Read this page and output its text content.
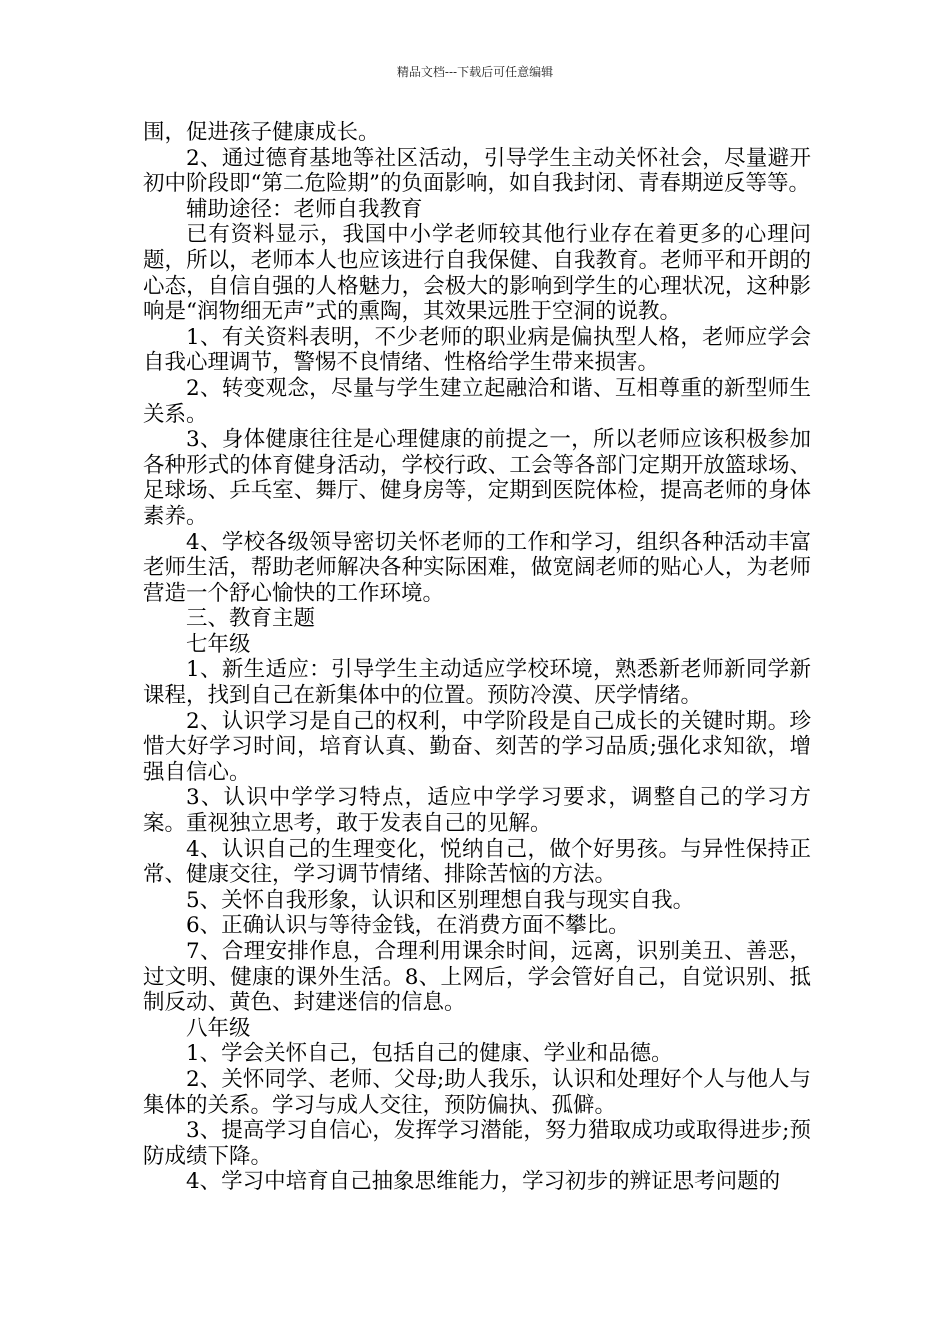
精品文档---下载后可任意编辑

围，促进孩子健康成长。

2、通过德育基地等社区活动，引导学生主动关怀社会，尽量避开初中阶段即“第二危险期”的负面影响，如自我封闭、青春期逆反等等。

辅助途径：老师自我教育

已有资料显示，我国中小学老师较其他行业存在着更多的心理问题，所以，老师本人也应该进行自我保健、自我教育。老师平和开朗的心态，自信自强的人格魅力，会极大的影响到学生的心理状况，这种影响是“润物细无声”式的熏陶，其效果远胜于空洞的说教。

1、有关资料表明，不少老师的职业病是偏执型人格，老师应学会自我心理调节，警惕不良情绪、性格给学生带来损害。

2、转变观念，尽量与学生建立起融洽和谐、互相尊重的新型师生关系。

3、身体健康往往是心理健康的前提之一，所以老师应该积极参加各种形式的体育健身活动，学校行政、工会等各部门定期开放篮球场、足球场、乒乓室、舞厅、健身房等，定期到医院体检，提高老师的身体素养。

4、学校各级领导密切关怀老师的工作和学习，组织各种活动丰富老师生活，帮助老师解决各种实际困难，做宽阔老师的贴心人，为老师营造一个舒心愉快的工作环境。

三、教育主题

七年级

1、新生适应：引导学生主动适应学校环境，熟悉新老师新同学新课程，找到自己在新集体中的位置。预防冷漠、厌学情绪。

2、认识学习是自己的权利，中学阶段是自己成长的关键时期。珍惜大好学习时间，培育认真、勤奋、刻苦的学习品质;强化求知欲，增强自信心。

3、认识中学学习特点，适应中学学习要求，调整自己的学习方案。重视独立思考，敢于发表自己的见解。

4、认识自己的生理变化，悦纳自己，做个好男孩。与异性保持正常、健康交往，学习调节情绪、排除苦恼的方法。

5、关怀自我形象，认识和区别理想自我与现实自我。

6、正确认识与等待金钱，在消费方面不攀比。

7、合理安排作息，合理利用课余时间，远离，识别美丑、善恶，过文明、健康的课外生活。8、上网后，学会管好自己，自觉识别、抵制反动、黄色、封建迷信的信息。

八年级

1、学会关怀自己，包括自己的健康、学业和品德。

2、关怀同学、老师、父母;助人我乐，认识和处理好个人与他人与集体的关系。学习与成人交往，预防偏执、孤僻。

3、提高学习自信心，发挥学习潜能，努力猎取成功或取得进步;预防成绩下降。

4、学习中培育自己抽象思维能力，学习初步的辨证思考问题的
